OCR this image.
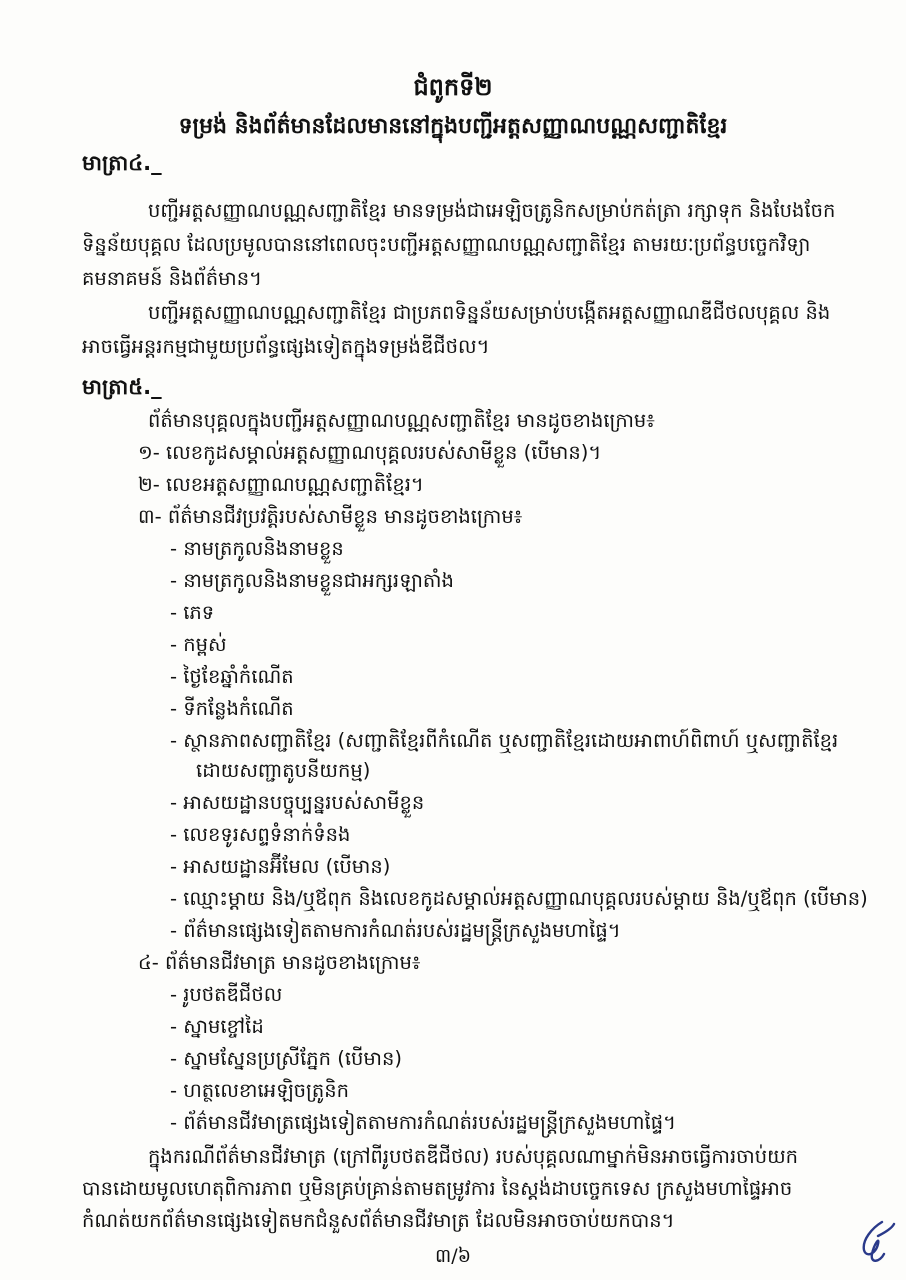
ជំពូកទី២
ទម្រង់ និងព័ត៌មានដែលមាននៅក្នុងបញ្ជីអត្តសញ្ញាណបណ្ណសញ្ជាតិខ្មែរ
មាត្រា៤._
បញ្ជីអត្តសញ្ញាណបណ្ណសញ្ជាតិខ្មែរ មានទម្រង់ជាអេឡិចត្រូនិកសម្រាប់កត់ត្រា រក្សាទុក និងបែងចែក
ទិន្នន័យបុគ្គល ដែលប្រមូលបាននៅពេលចុះបញ្ជីអត្តសញ្ញាណបណ្ណសញ្ជាតិខ្មែរ តាមរយៈប្រព័ន្ធបច្ចេកវិទ្យា
គមនាគមន៍ និងព័ត៌មាន។
បញ្ជីអត្តសញ្ញាណបណ្ណសញ្ជាតិខ្មែរ ជាប្រភពទិន្នន័យសម្រាប់បង្កើតអត្តសញ្ញាណឌីជីថលបុគ្គល និង
អាចធ្វើអន្តរកម្មជាមួយប្រព័ន្ធផ្សេងទៀតក្នុងទម្រង់ឌីជីថល។
មាត្រា៥._
ព័ត៌មានបុគ្គលក្នុងបញ្ជីអត្តសញ្ញាណបណ្ណសញ្ជាតិខ្មែរ មានដូចខាងក្រោម៖
១- លេខកូដសម្គាល់អត្តសញ្ញាណបុគ្គលរបស់សាមីខ្លួន (បើមាន)។
២- លេខអត្តសញ្ញាណបណ្ណសញ្ជាតិខ្មែរ។
៣- ព័ត៌មានជីវប្រវត្តិរបស់សាមីខ្លួន មានដូចខាងក្រោម៖
- នាមត្រកូលនិងនាមខ្លួន
- នាមត្រកូលនិងនាមខ្លួនជាអក្សរឡាតាំង
- ភេទ
- កម្ពស់
- ថ្ងៃខែឆ្នាំកំណើត
- ទីកន្លែងកំណើត
- ស្ថានភាពសញ្ជាតិខ្មែរ (សញ្ជាតិខ្មែរពីកំណើត ឬសញ្ជាតិខ្មែរដោយអាពាហ៍ពិពាហ៍ ឬសញ្ជាតិខ្មែរ
ដោយសញ្ជាតូបនីយកម្ម)
- អាសយដ្ឋានបច្ចុប្បន្នរបស់សាមីខ្លួន
- លេខទូរសព្ទទំនាក់ទំនង
- អាសយដ្ឋានអ៊ីមែល (បើមាន)
- ឈ្មោះម្ដាយ និង/ឬឪពុក និងលេខកូដសម្គាល់អត្តសញ្ញាណបុគ្គលរបស់ម្ដាយ និង/ឬឪពុក (បើមាន)
- ព័ត៌មានផ្សេងទៀតតាមការកំណត់របស់រដ្ឋមន្ត្រីក្រសួងមហាផ្ទៃ។
៤- ព័ត៌មានជីវមាត្រ មានដូចខាងក្រោម៖
- រូបថតឌីជីថល
- ស្នាមខ្ចៅដៃ
- ស្នាមស្នែនប្រស្រីភ្នែក (បើមាន)
- ហត្ថលេខាអេឡិចត្រូនិក
- ព័ត៌មានជីវមាត្រផ្សេងទៀតតាមការកំណត់របស់រដ្ឋមន្ត្រីក្រសួងមហាផ្ទៃ។
ក្នុងករណីព័ត៌មានជីវមាត្រ (ក្រៅពីរូបថតឌីជីថល) របស់បុគ្គលណាម្នាក់មិនអាចធ្វើការចាប់យក
បានដោយមូលហេតុពិការភាព ឬមិនគ្រប់គ្រាន់តាមតម្រូវការ នៃស្តង់ដាបច្ចេកទេស ក្រសួងមហាផ្ទៃអាច
កំណត់យកព័ត៌មានផ្សេងទៀតមកជំនួសព័ត៌មានជីវមាត្រ ដែលមិនអាចចាប់យកបាន។
៣/៦
